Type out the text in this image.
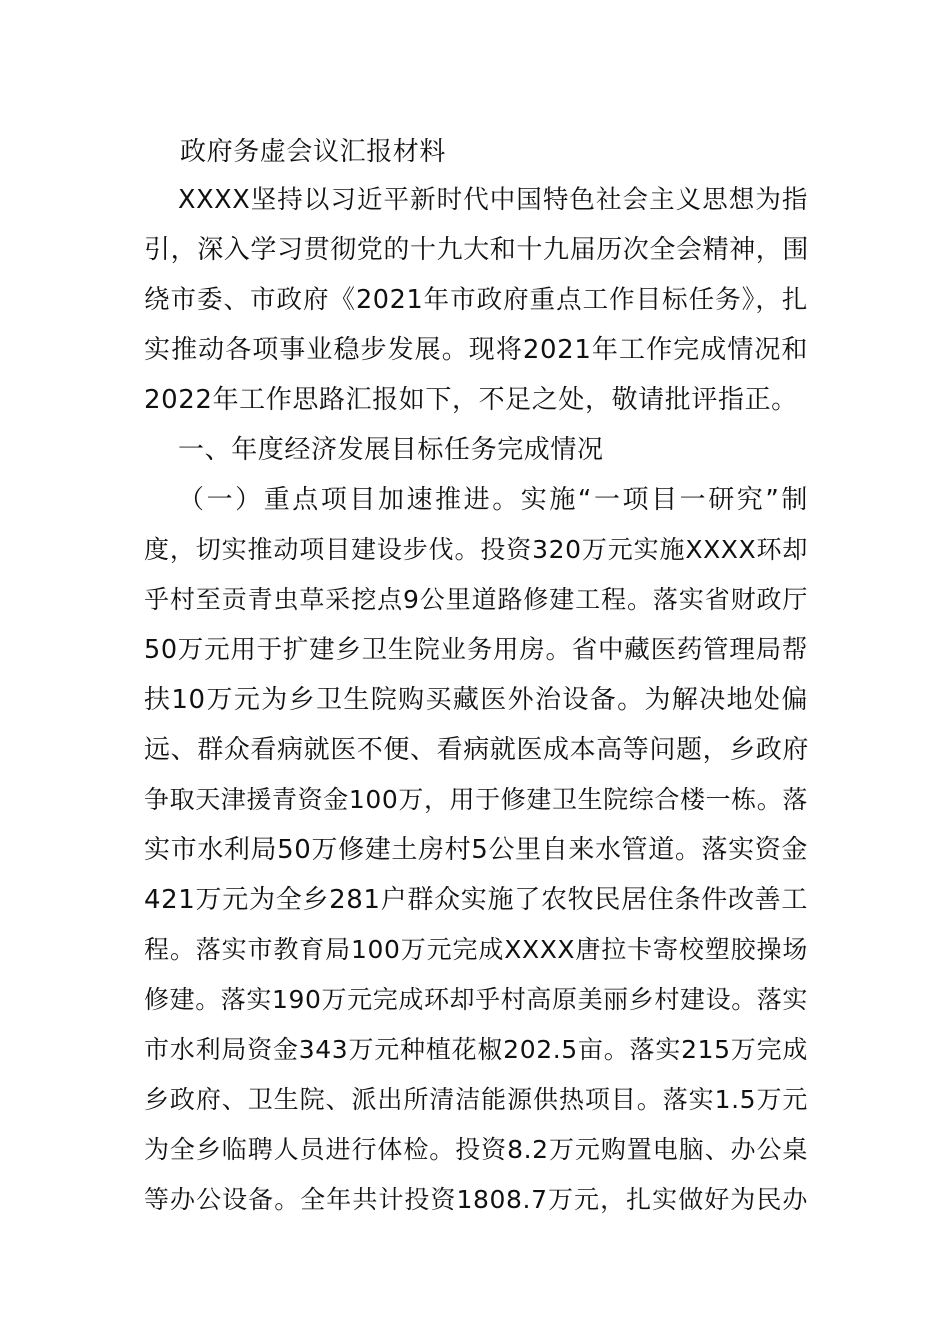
政府务虚会议汇报材料
XXXX坚持以习近平新时代中国特色社会主义思想为指
引，深入学习贯彻党的十九大和十九届历次全会精神，围
绕市委、市政府《2021年市政府重点工作目标任务》，扎
实推动各项事业稳步发展。现将2021年工作完成情况和
2022年工作思路汇报如下，不足之处，敬请批评指正。
一、年度经济发展目标任务完成情况
（一）重点项目加速推进。实施“一项目一研究”制
度，切实推动项目建设步伐。投资320万元实施XXXX环却
乎村至贡青虫草采挖点9公里道路修建工程。落实省财政厅
50万元用于扩建乡卫生院业务用房。省中藏医药管理局帮
扶10万元为乡卫生院购买藏医外治设备。为解决地处偏
远、群众看病就医不便、看病就医成本高等问题，乡政府
争取天津援青资金100万，用于修建卫生院综合楼一栋。落
实市水利局50万修建土房村5公里自来水管道。落实资金
421万元为全乡281户群众实施了农牧民居住条件改善工
程。落实市教育局100万元完成XXXX唐拉卡寄校塑胶操场
修建。落实190万元完成环却乎村高原美丽乡村建设。落实
市水利局资金343万元种植花椒202.5亩。落实215万完成
乡政府、卫生院、派出所清洁能源供热项目。落实1.5万元
为全乡临聘人员进行体检。投资8.2万元购置电脑、办公桌
等办公设备。全年共计投资1808.7万元，扎实做好为民办
